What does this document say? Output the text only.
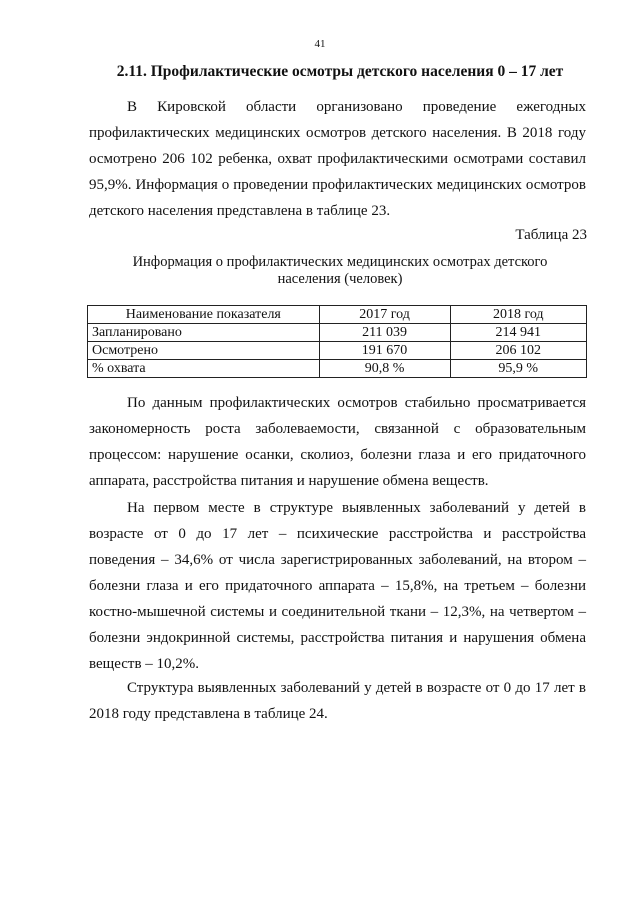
41
2.11. Профилактические осмотры детского населения 0 – 17 лет

В Кировской области организовано проведение ежегодных профилактических медицинских осмотров детского населения. В 2018 году осмотрено 206 102 ребенка, охват профилактическими осмотрами составил 95,9%. Информация о проведении профилактических медицинских осмотров детского населения представлена в таблице 23.

Таблица 23
Информация о профилактических медицинских осмотрах детского населения (человек)
Наименование показателя	2017 год	2018 год
Запланировано	211 039	214 941
Осмотрено	191 670	206 102
% охвата	90,8 %	95,9 %

По данным профилактических осмотров стабильно просматривается закономерность роста заболеваемости, связанной с образовательным процессом: нарушение осанки, сколиоз, болезни глаза и его придаточного аппарата, расстройства питания и нарушение обмена веществ.

На первом месте в структуре выявленных заболеваний у детей в возрасте от 0 до 17 лет – психические расстройства и расстройства поведения – 34,6% от числа зарегистрированных заболеваний, на втором – болезни глаза и его придаточного аппарата – 15,8%, на третьем – болезни костно-мышечной системы и соединительной ткани – 12,3%, на четвертом – болезни эндокринной системы, расстройства питания и нарушения обмена веществ – 10,2%.

Структура выявленных заболеваний у детей в возрасте от 0 до 17 лет в 2018 году представлена в таблице 24.
